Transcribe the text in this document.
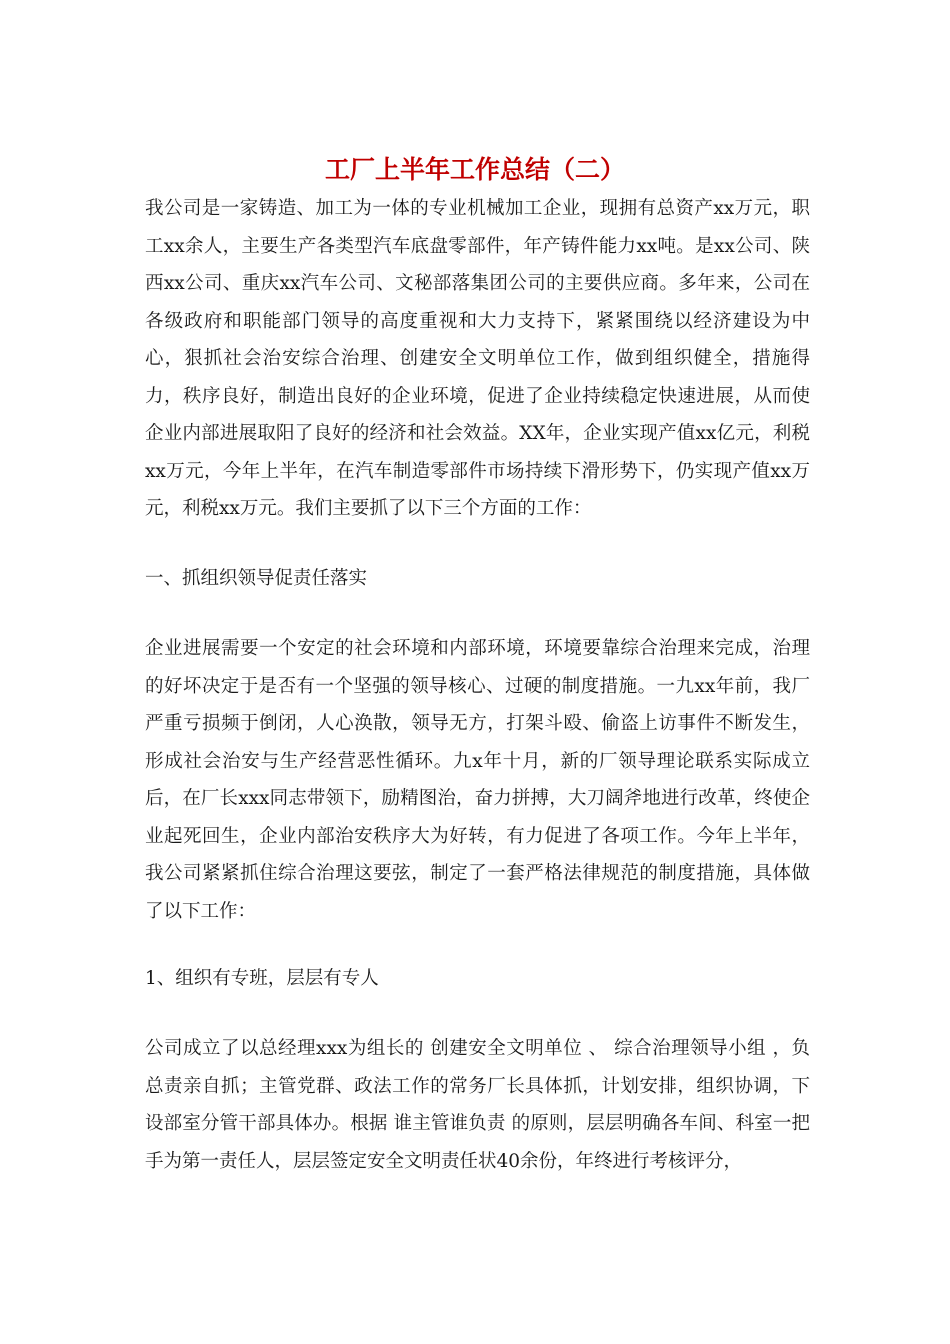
工厂上半年工作总结（二）

我公司是一家铸造、加工为一体的专业机械加工企业，现拥有总资产xx万元，职工xx余人，主要生产各类型汽车底盘零部件，年产铸件能力xx吨。是xx公司、陕西xx公司、重庆xx汽车公司、文秘部落集团公司的主要供应商。多年来，公司在各级政府和职能部门领导的高度重视和大力支持下，紧紧围绕以经济建设为中心，狠抓社会治安综合治理、创建安全文明单位工作，做到组织健全，措施得力，秩序良好，制造出良好的企业环境，促进了企业持续稳定快速进展，从而使企业内部进展取阳了良好的经济和社会效益。XX年，企业实现产值xx亿元，利税xx万元，今年上半年，在汽车制造零部件市场持续下滑形势下，仍实现产值xx万元，利税xx万元。我们主要抓了以下三个方面的工作：

一、抓组织领导促责任落实

企业进展需要一个安定的社会环境和内部环境，环境要靠综合治理来完成，治理的好坏决定于是否有一个坚强的领导核心、过硬的制度措施。一九xx年前，我厂严重亏损频于倒闭，人心涣散，领导无方，打架斗殴、偷盗上访事件不断发生，形成社会治安与生产经营恶性循环。九x年十月，新的厂领导理论联系实际成立后，在厂长xxx同志带领下，励精图治，奋力拼搏，大刀阔斧地进行改革，终使企业起死回生，企业内部治安秩序大为好转，有力促进了各项工作。今年上半年，我公司紧紧抓住综合治理这要弦，制定了一套严格法律规范的制度措施，具体做了以下工作：

1、组织有专班，层层有专人

公司成立了以总经理xxx为组长的 创建安全文明单位 、 综合治理领导小组 ，负总责亲自抓；主管党群、政法工作的常务厂长具体抓，计划安排，组织协调，下设部室分管干部具体办。根据 谁主管谁负责 的原则，层层明确各车间、科室一把手为第一责任人，层层签定安全文明责任状40余份，年终进行考核评分，
